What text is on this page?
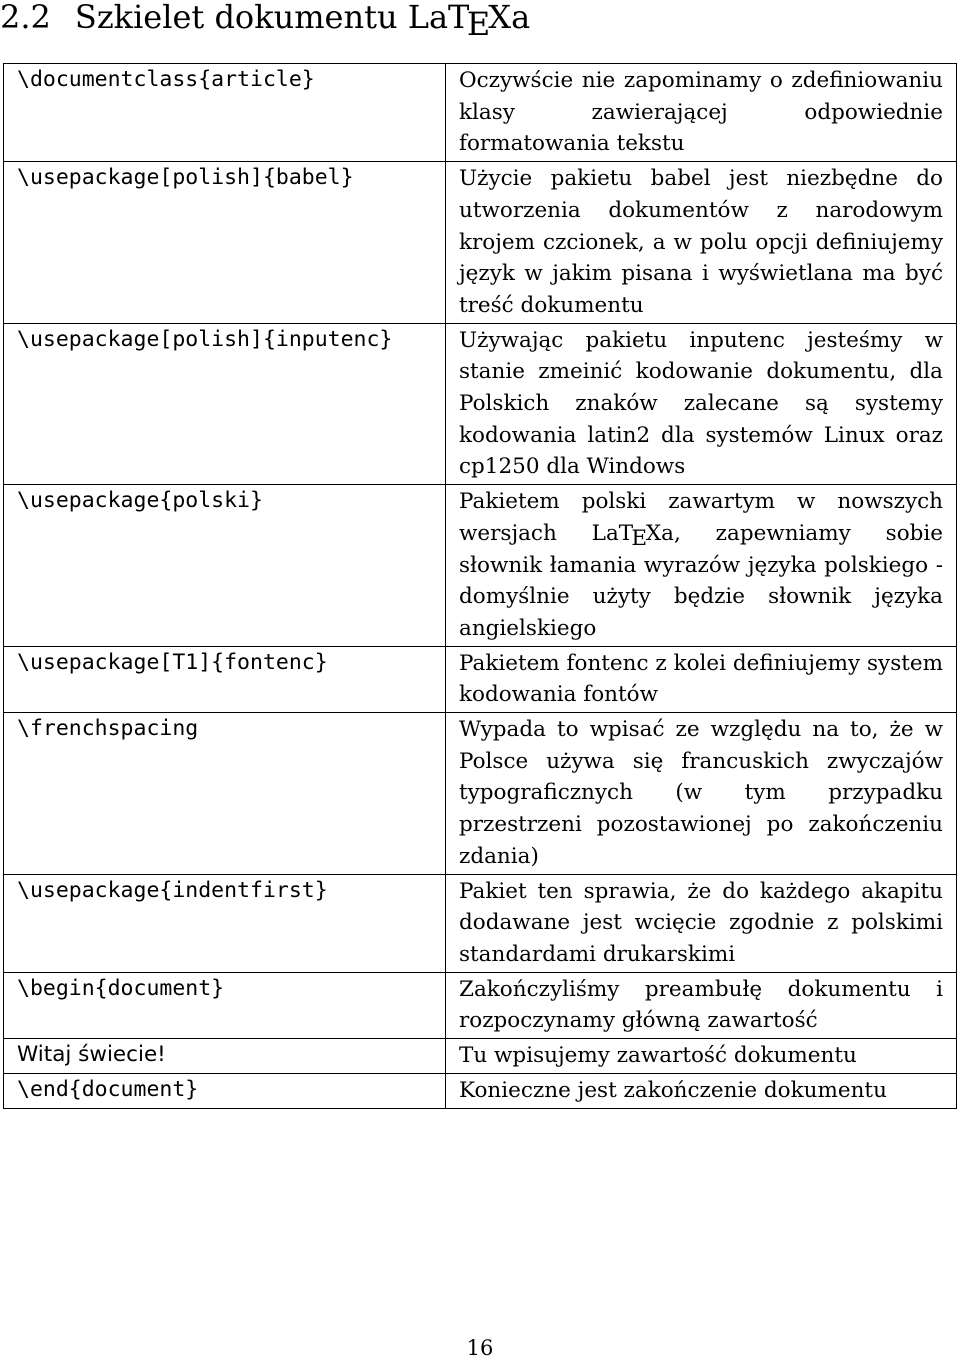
2.2 Szkielet dokumentu LaTEXa
\documentclass{article}	Oczywście nie zapominamy o zdefiniowaniu klasy zawierającej odpowiednie formatowania tekstu
\usepackage[polish]{babel}	Użycie pakietu babel jest niezbędne do utworzenia dokumentów z narodowym krojem czcionek, a w polu opcji definiujemy język w jakim pisana i wyświetlana ma być treść dokumentu
\usepackage[polish]{inputenc}	Używając pakietu inputenc jesteśmy w stanie zmeinić kodowanie dokumentu, dla Polskich znaków zalecane są systemy kodowania latin2 dla systemów Linux oraz cp1250 dla Windows
\usepackage{polski}	Pakietem polski zawartym w nowszych wersjach LaTEXa, zapewniamy sobie słownik łamania wyrazów języka polskiego - domyślnie użyty będzie słownik języka angielskiego
\usepackage[T1]{fontenc}	Pakietem fontenc z kolei definiujemy system kodowania fontów
\frenchspacing	Wypada to wpisać ze względu na to, że w Polsce używa się francuskich zwyczajów typograficznych (w tym przypadku przestrzeni pozostawionej po zakończeniu zdania)
\usepackage{indentfirst}	Pakiet ten sprawia, że do każdego akapitu dodawane jest wcięcie zgodnie z polskimi standardami drukarskimi
\begin{document}	Zakończyliśmy preambułę dokumentu i rozpoczynamy główną zawartość
Witaj świecie!	Tu wpisujemy zawartość dokumentu
\end{document}	Konieczne jest zakończenie dokumentu
16
